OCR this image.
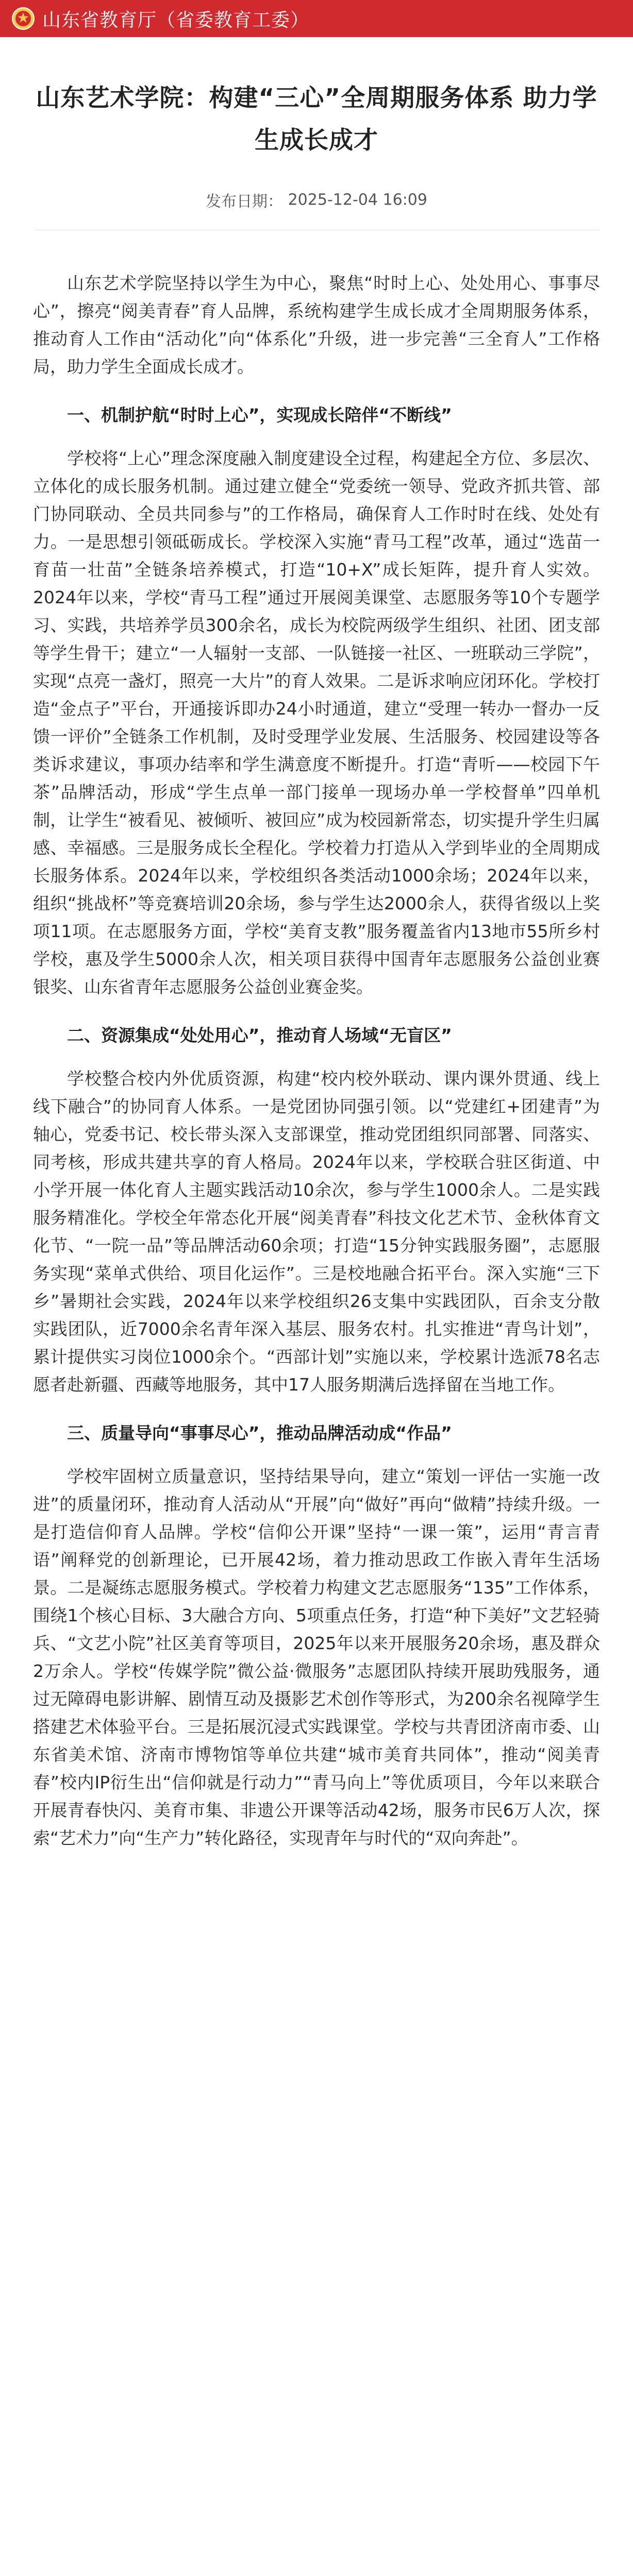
山东省教育厅（省委教育工委）
山东艺术学院：构建“三心”全周期服务体系 助力学生成长成才
发布日期： 2025-12-04 16:09

山东艺术学院坚持以学生为中心，聚焦“时时上心、处处用心、事事尽心”，擦亮“阅美青春”育人品牌，系统构建学生成长成才全周期服务体系，推动育人工作由“活动化”向“体系化”升级，进一步完善“三全育人”工作格局，助力学生全面成长成才。

一、机制护航“时时上心”，实现成长陪伴“不断线”

学校将“上心”理念深度融入制度建设全过程，构建起全方位、多层次、立体化的成长服务机制。通过建立健全“党委统一领导、党政齐抓共管、部门协同联动、全员共同参与”的工作格局，确保育人工作时时在线、处处有力。一是思想引领砥砺成长。学校深入实施“青马工程”改革，通过“选苗一育苗一壮苗”全链条培养模式，打造“10+X”成长矩阵，提升育人实效。2024年以来，学校“青马工程”通过开展阅美课堂、志愿服务等10个专题学习、实践，共培养学员300余名，成长为校院两级学生组织、社团、团支部等学生骨干；建立“一人辐射一支部、一队链接一社区、一班联动三学院”，实现“点亮一盏灯，照亮一大片”的育人效果。二是诉求响应闭环化。学校打造“金点子”平台，开通接诉即办24小时通道，建立“受理一转办一督办一反馈一评价”全链条工作机制，及时受理学业发展、生活服务、校园建设等各类诉求建议，事项办结率和学生满意度不断提升。打造“青听——校园下午茶”品牌活动，形成“学生点单一部门接单一现场办单一学校督单”四单机制，让学生“被看见、被倾听、被回应”成为校园新常态，切实提升学生归属感、幸福感。三是服务成长全程化。学校着力打造从入学到毕业的全周期成长服务体系。2024年以来，学校组织各类活动1000余场；2024年以来，组织“挑战杯”等竞赛培训20余场，参与学生达2000余人，获得省级以上奖项11项。在志愿服务方面，学校“美育支教”服务覆盖省内13地市55所乡村学校，惠及学生5000余人次，相关项目获得中国青年志愿服务公益创业赛银奖、山东省青年志愿服务公益创业赛金奖。

二、资源集成“处处用心”，推动育人场域“无盲区”

学校整合校内外优质资源，构建“校内校外联动、课内课外贯通、线上线下融合”的协同育人体系。一是党团协同强引领。以“党建红+团建青”为轴心，党委书记、校长带头深入支部课堂，推动党团组织同部署、同落实、同考核，形成共建共享的育人格局。2024年以来，学校联合驻区街道、中小学开展一体化育人主题实践活动10余次，参与学生1000余人。二是实践服务精准化。学校全年常态化开展“阅美青春”科技文化艺术节、金秋体育文化节、“一院一品”等品牌活动60余项；打造“15分钟实践服务圈”，志愿服务实现“菜单式供给、项目化运作”。三是校地融合拓平台。深入实施“三下乡”暑期社会实践，2024年以来学校组织26支集中实践团队，百余支分散实践团队，近7000余名青年深入基层、服务农村。扎实推进“青鸟计划”，累计提供实习岗位1000余个。“西部计划”实施以来，学校累计选派78名志愿者赴新疆、西藏等地服务，其中17人服务期满后选择留在当地工作。

三、质量导向“事事尽心”，推动品牌活动成“作品”

学校牢固树立质量意识，坚持结果导向，建立“策划一评估一实施一改进”的质量闭环，推动育人活动从“开展”向“做好”再向“做精”持续升级。一是打造信仰育人品牌。学校“信仰公开课”坚持“一课一策”，运用“青言青语”阐释党的创新理论，已开展42场，着力推动思政工作嵌入青年生活场景。二是凝练志愿服务模式。学校着力构建文艺志愿服务“135”工作体系，围绕1个核心目标、3大融合方向、5项重点任务，打造“种下美好”文艺轻骑兵、“文艺小院”社区美育等项目，2025年以来开展服务20余场，惠及群众2万余人。学校“传媒学院”微公益·微服务”志愿团队持续开展助残服务，通过无障碍电影讲解、剧情互动及摄影艺术创作等形式，为200余名视障学生搭建艺术体验平台。三是拓展沉浸式实践课堂。学校与共青团济南市委、山东省美术馆、济南市博物馆等单位共建“城市美育共同体”，推动“阅美青春”校内IP衍生出“信仰就是行动力”“青马向上”等优质项目，今年以来联合开展青春快闪、美育市集、非遗公开课等活动42场，服务市民6万人次，探索“艺术力”向“生产力”转化路径，实现青年与时代的“双向奔赴”。
